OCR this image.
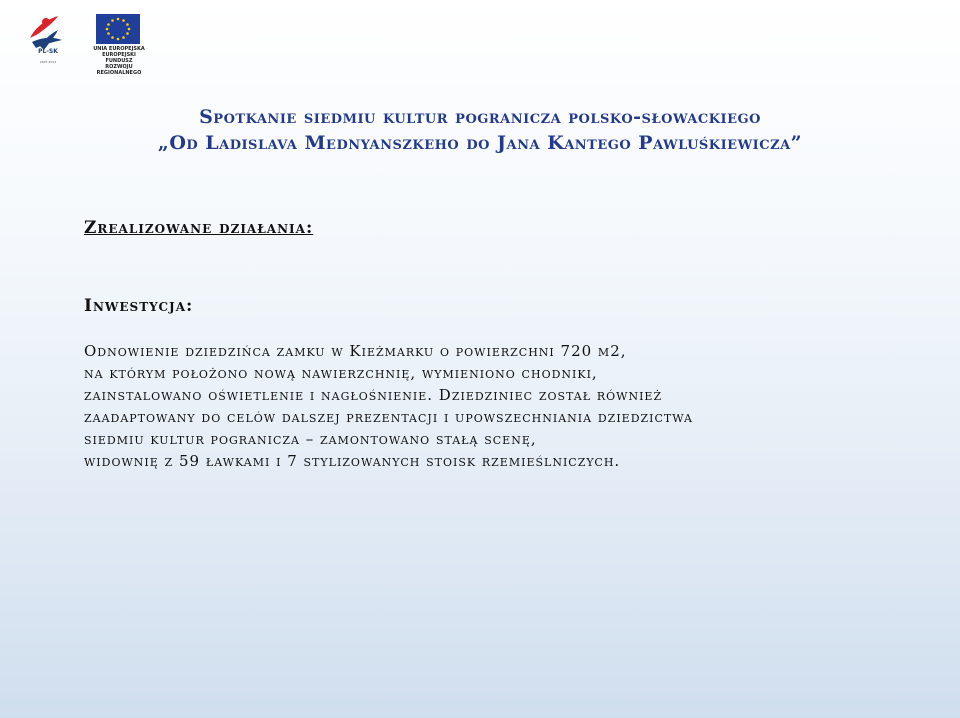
PL-SK
2007-2013
UNIA EUROPEJSKA
EUROPEJSKI FUNDUSZ
ROZWOJU REGIONALNEGO
Spotkanie siedmiu kultur pogranicza polsko-słowackiego
„Od Ladislava Mednyanszkeho do Jana Kantego Pawluśkiewicza”
Zrealizowane działania:
Inwestycja:
Odnowienie dziedzińca zamku w Kieżmarku o powierzchni 720 m2,
na którym położono nową nawierzchnię, wymieniono chodniki,
zainstalowano oświetlenie i nagłośnienie. Dziedziniec został również
zaadaptowany do celów dalszej prezentacji i upowszechniania dziedzictwa
siedmiu kultur pogranicza – zamontowano stałą scenę,
widownię z 59 ławkami i 7 stylizowanych stoisk rzemieślniczych.
